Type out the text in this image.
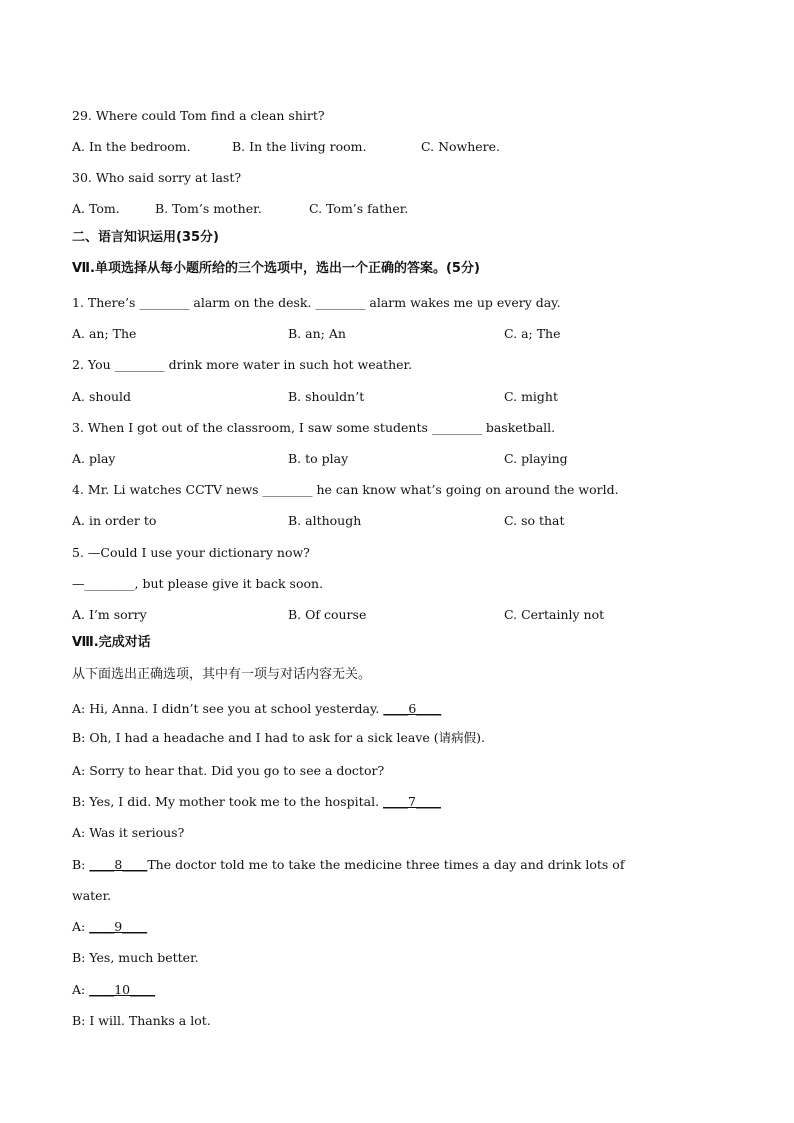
29. Where could Tom find a clean shirt?
A. In the bedroom.	B. In the living room.	C. Nowhere.
30. Who said sorry at last?
A. Tom.	B. Tom’s mother.	C. Tom’s father.
二、语言知识运用(35分)
Ⅶ.单项选择从每小题所给的三个选项中，选出一个正确的答案。(5分)
1. There’s ________ alarm on the desk. ________ alarm wakes me up every day.
A. an; The	B. an; An	C. a; The
2. You ________ drink more water in such hot weather.
A. should	B. shouldn’t	C. might
3. When I got out of the classroom, I saw some students ________ basketball.
A. play	B. to play	C. playing
4. Mr. Li watches CCTV news ________ he can know what’s going on around the world.
A. in order to	B. although	C. so that
5. —Could I use your dictionary now?
—________, but please give it back soon.
A. I’m sorry	B. Of course	C. Certainly not
Ⅷ.完成对话
从下面选出正确选项，其中有一项与对话内容无关。
A: Hi, Anna. I didn’t see you at school yesterday. ____6____
B: Oh, I had a headache and I had to ask for a sick leave (请病假).
A: Sorry to hear that. Did you go to see a doctor?
B: Yes, I did. My mother took me to the hospital. ____7____
A: Was it serious?
B: ____8____The doctor told me to take the medicine three times a day and drink lots of
water.
A: ____9____
B: Yes, much better.
A: ____10____
B: I will. Thanks a lot.
